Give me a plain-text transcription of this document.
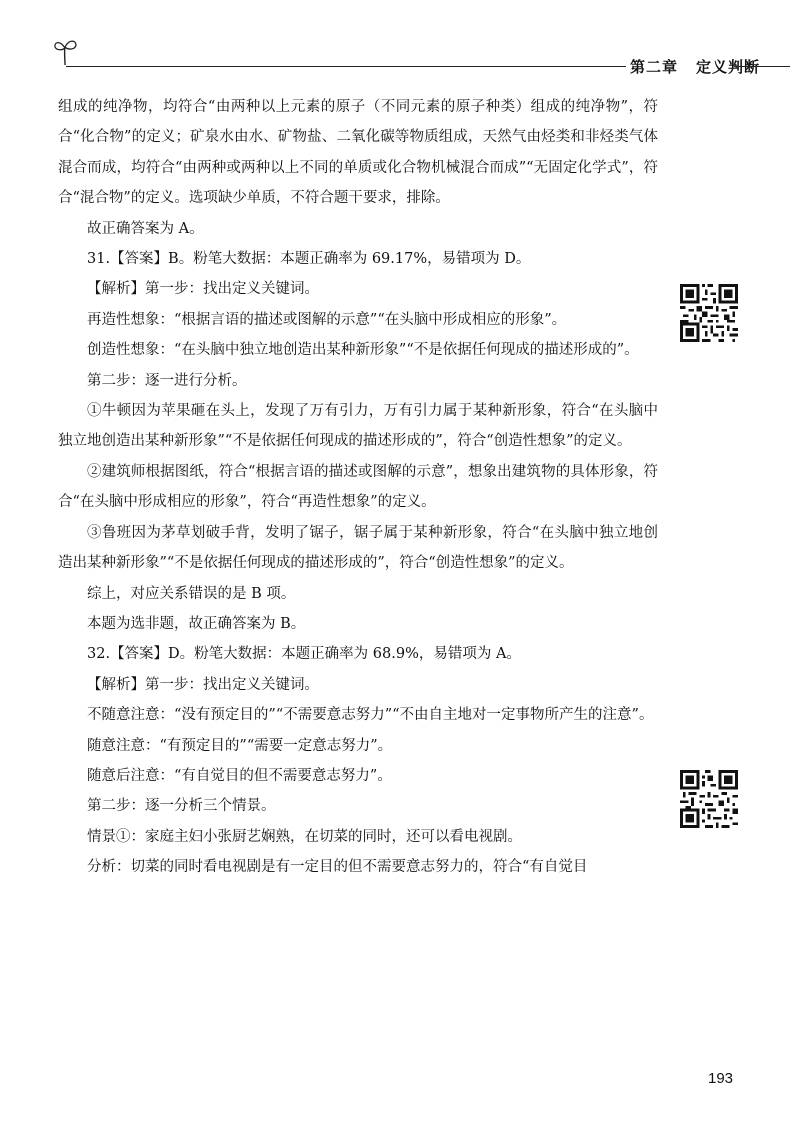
第二章 定义判断

组成的纯净物，均符合“由两种以上元素的原子（不同元素的原子种类）组成的纯净物”，符合“化合物”的定义；矿泉水由水、矿物盐、二氧化碳等物质组成，天然气由烃类和非烃类气体混合而成，均符合“由两种或两种以上不同的单质或化合物机械混合而成”“无固定化学式”，符合“混合物”的定义。选项缺少单质，不符合题干要求，排除。

故正确答案为 A。

31.【答案】B。粉笔大数据：本题正确率为 69.17%，易错项为 D。

【解析】第一步：找出定义关键词。

再造性想象：“根据言语的描述或图解的示意”“在头脑中形成相应的形象”。

创造性想象：“在头脑中独立地创造出某种新形象”“不是依据任何现成的描述形成的”。

第二步：逐一进行分析。

①牛顿因为苹果砸在头上，发现了万有引力，万有引力属于某种新形象，符合“在头脑中独立地创造出某种新形象”“不是依据任何现成的描述形成的”，符合“创造性想象”的定义。

②建筑师根据图纸，符合“根据言语的描述或图解的示意”，想象出建筑物的具体形象，符合“在头脑中形成相应的形象”，符合“再造性想象”的定义。

③鲁班因为茅草划破手背，发明了锯子，锯子属于某种新形象，符合“在头脑中独立地创造出某种新形象”“不是依据任何现成的描述形成的”，符合“创造性想象”的定义。

综上，对应关系错误的是 B 项。

本题为选非题，故正确答案为 B。

32.【答案】D。粉笔大数据：本题正确率为 68.9%，易错项为 A。

【解析】第一步：找出定义关键词。

不随意注意：“没有预定目的”“不需要意志努力”“不由自主地对一定事物所产生的注意”。

随意注意：“有预定目的”“需要一定意志努力”。

随意后注意：“有自觉目的但不需要意志努力”。

第二步：逐一分析三个情景。

情景①：家庭主妇小张厨艺娴熟，在切菜的同时，还可以看电视剧。

分析：切菜的同时看电视剧是有一定目的但不需要意志努力的，符合“有自觉目

193
